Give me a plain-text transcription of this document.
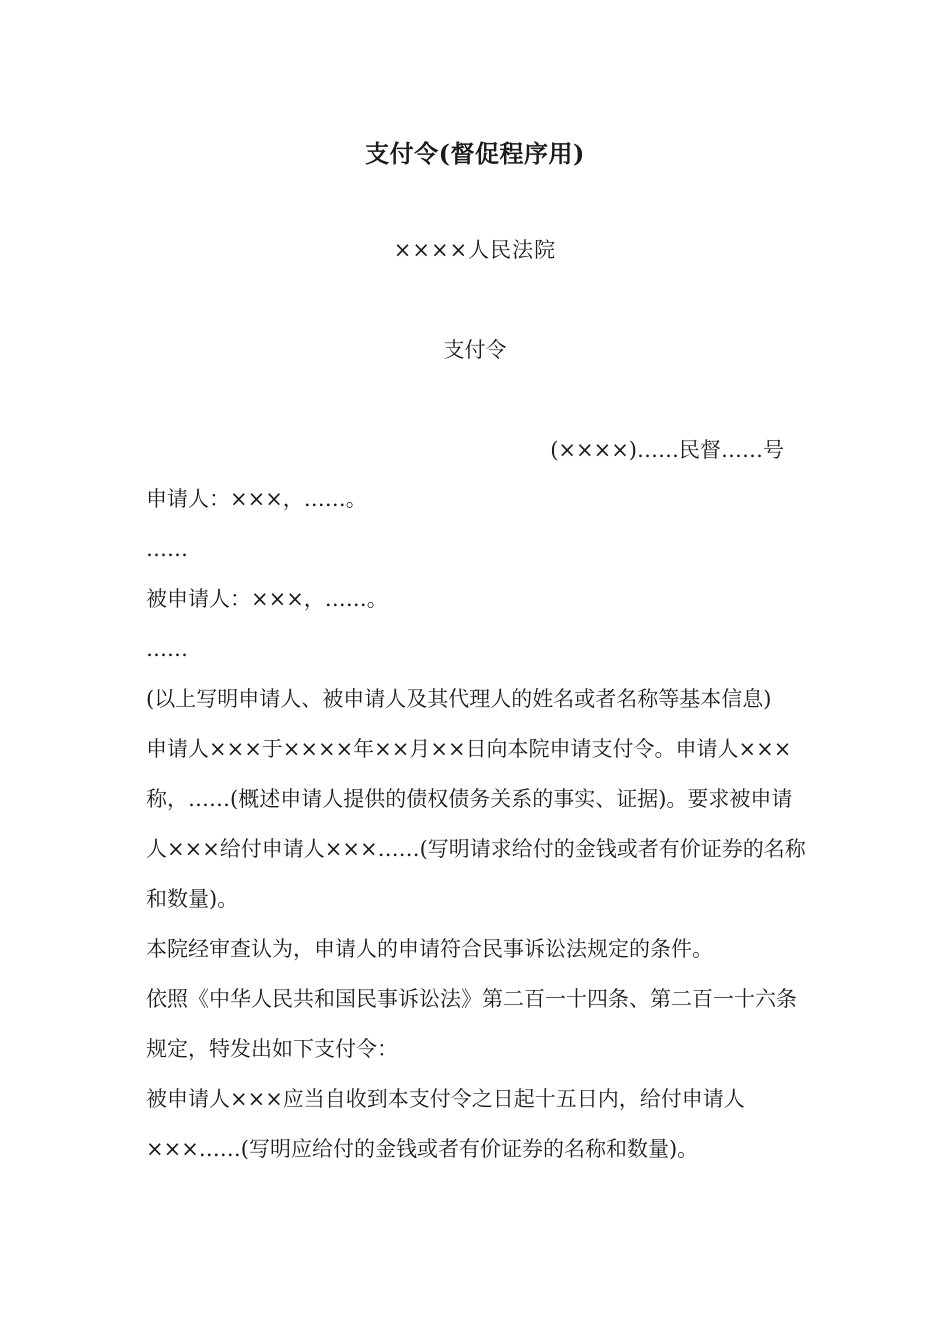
支付令(督促程序用)
××××人民法院
支付令
(××××)……民督……号

申请人：×××，……。

……

被申请人：×××，……。

……

(以上写明申请人、被申请人及其代理人的姓名或者名称等基本信息)

申请人×××于××××年××月××日向本院申请支付令。申请人×××称，……(概述申请人提供的债权债务关系的事实、证据)。要求被申请人×××给付申请人×××……(写明请求给付的金钱或者有价证券的名称和数量)。

本院经审查认为，申请人的申请符合民事诉讼法规定的条件。

依照《中华人民共和国民事诉讼法》第二百一十四条、第二百一十六条规定，特发出如下支付令：

被申请人×××应当自收到本支付令之日起十五日内，给付申请人×××……(写明应给付的金钱或者有价证券的名称和数量)。
